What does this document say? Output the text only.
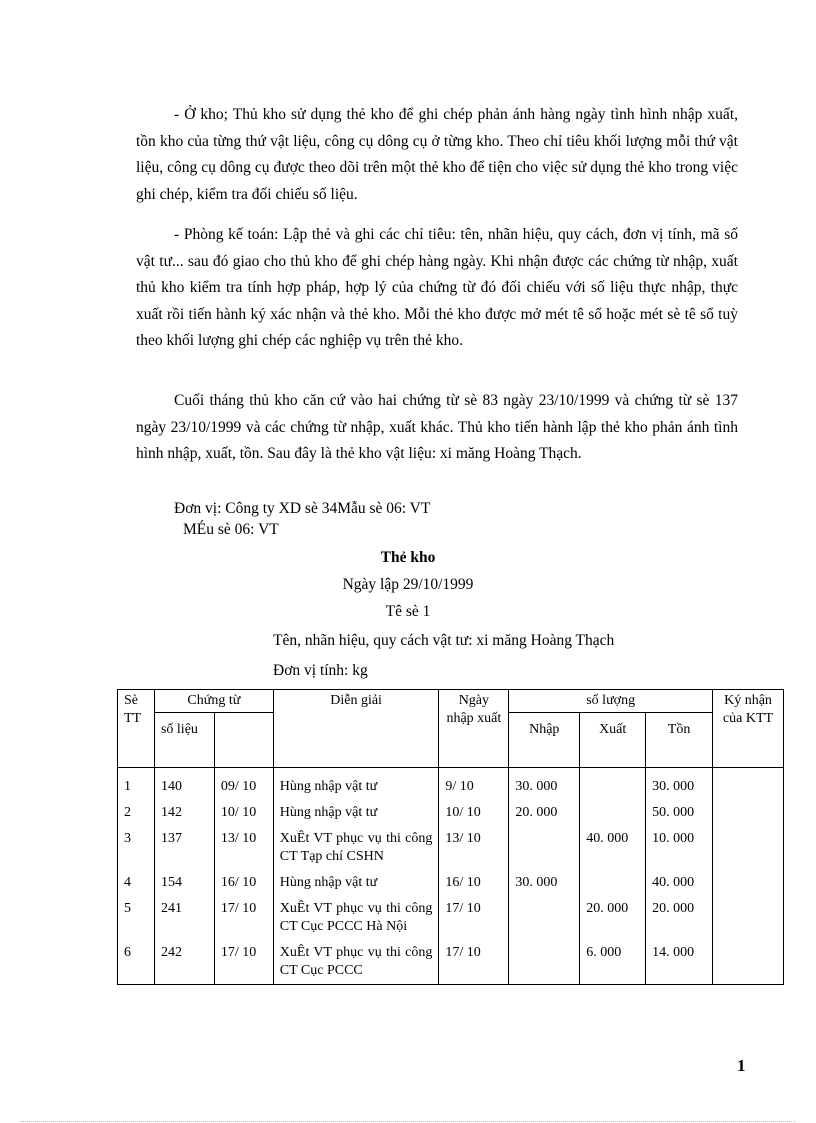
- Ở kho; Thủ kho sử dụng thẻ kho để ghi chép phản ánh hàng ngày tình hình nhập xuất, tồn kho của từng thứ vật liệu, công cụ dông cụ ở từng kho. Theo chỉ tiêu khối lượng mỗi thứ vật liệu, công cụ dông cụ được theo dõi trên một thẻ kho để tiện cho việc sử dụng thẻ kho trong việc ghi chép, kiểm tra đối chiếu số liệu.

- Phòng kế toán: Lập thẻ và ghi các chỉ tiêu: tên, nhãn hiệu, quy cách, đơn vị tính, mã số vật tư... sau đó giao cho thủ kho để ghi chép hàng ngày. Khi nhận được các chứng từ nhập, xuất thủ kho kiểm tra tính hợp pháp, hợp lý của chứng từ đó đối chiếu với số liệu thực nhập, thực xuất rồi tiến hành ký xác nhận và thẻ kho. Mỗi thẻ kho được mở mét tê sổ hoặc mét sè tê sổ tuỳ theo khối lượng ghi chép các nghiệp vụ trên thẻ kho.

Cuối tháng thủ kho căn cứ vào hai chứng từ sè 83 ngày 23/10/1999 và chứng từ sè 137 ngày 23/10/1999 và các chứng từ nhập, xuất khác. Thủ kho tiến hành lập thẻ kho phản ánh tình hình nhập, xuất, tồn. Sau đây là thẻ kho vật liệu: xi măng Hoàng Thạch.

Đơn vị: Công ty XD sè 34Mẫu sè 06: VT

MÉu sè 06: VT

Thẻ kho

Ngày lập 29/10/1999

Tê sè 1

Tên, nhãn hiệu, quy cách vật tư: xi măng Hoàng Thạch

Đơn vị tính: kg

Sè TT	Chứng từ		Diễn giải	Ngày nhập xuất	số lượng			Ký nhận của KTT
	số liệu				Nhập	Xuất	Tồn	
1	140	09/ 10	Hùng nhập vật tư	9/ 10	30. 000		30. 000	
2	142	10/ 10	Hùng nhập vật tư	10/ 10	20. 000		50. 000	
3	137	13/ 10	XuÊt VT phục vụ thi công CT Tạp chí CSHN	13/ 10		40. 000	10. 000	
4	154	16/ 10	Hùng nhập vật tư	16/ 10	30. 000		40. 000	
5	241	17/ 10	XuÊt VT phục vụ thi công CT Cục PCCC Hà Nội	17/ 10		20. 000	20. 000	
6	242	17/ 10	XuÊt VT phục vụ thi công CT Cục PCCC	17/ 10		6. 000	14. 000	
1
